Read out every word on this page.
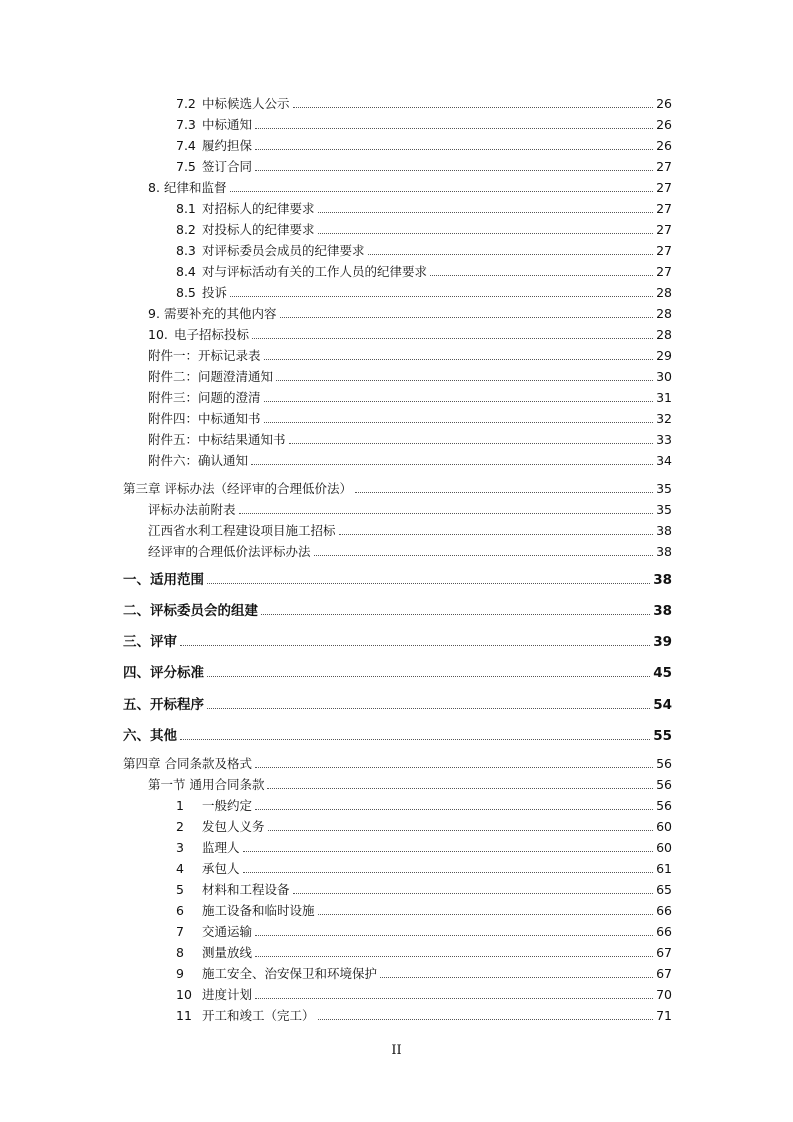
7.2 中标候选人公示	26
7.3 中标通知	26
7.4 履约担保	26
7.5 签订合同	27
8. 纪律和监督	27
8.1 对招标人的纪律要求	27
8.2 对投标人的纪律要求	27
8.3 对评标委员会成员的纪律要求	27
8.4 对与评标活动有关的工作人员的纪律要求	27
8.5 投诉	28
9. 需要补充的其他内容	28
10. 电子招标投标	28
附件一：开标记录表	29
附件二：问题澄清通知	30
附件三：问题的澄清	31
附件四：中标通知书	32
附件五：中标结果通知书	33
附件六：确认通知	34
第三章 评标办法（经评审的合理低价法）	35
评标办法前附表	35
江西省水利工程建设项目施工招标	38
经评审的合理低价法评标办法	38
一、适用范围	38
二、评标委员会的组建	38
三、评审	39
四、评分标准	45
五、开标程序	54
六、其他	55
第四章 合同条款及格式	56
第一节 通用合同条款	56
1	一般约定	56
2	发包人义务	60
3	监理人	60
4	承包人	61
5	材料和工程设备	65
6	施工设备和临时设施	66
7	交通运输	66
8	测量放线	67
9	施工安全、治安保卫和环境保护	67
10 进度计划	70
11 开工和竣工（完工）	71
II
